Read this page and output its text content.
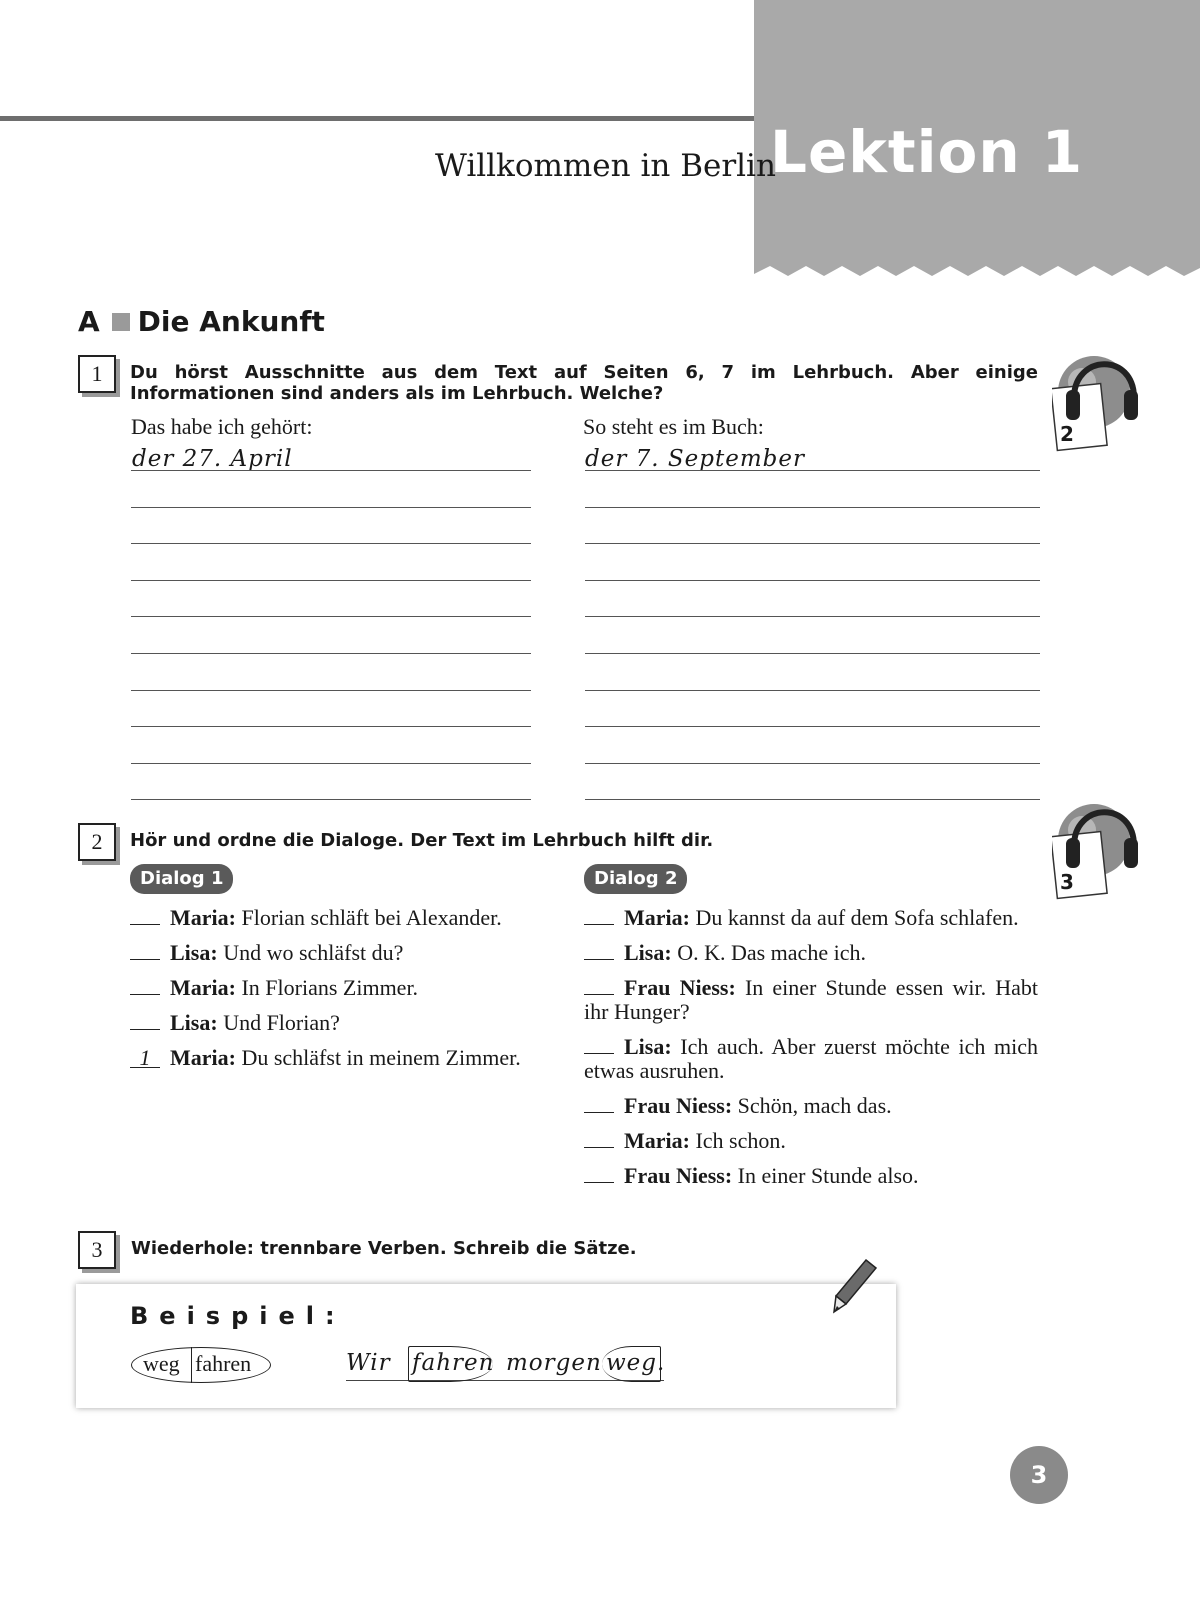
Lektion 1
Willkommen in Berlin
A Die Ankunft
1	Du hörst Ausschnitte aus dem Text auf Seiten 6, 7 im Lehrbuch. Aber einige Informationen sind anders als im Lehrbuch. Welche?
2
Das habe ich gehört:	So steht es im Buch:
der 27. April	der 7. September
2	Hör und ordne die Dialoge. Der Text im Lehrbuch hilft dir.
3
Dialog 1	Dialog 2
Maria: Florian schläft bei Alexander.
Lisa: Und wo schläfst du?
Maria: In Florians Zimmer.
Lisa: Und Florian?
1 Maria: Du schläfst in meinem Zimmer.
Maria: Du kannst da auf dem Sofa schlafen.
Lisa: O. K. Das mache ich.
Frau Niess: In einer Stunde essen wir. Habt ihr Hunger?
Lisa: Ich auch. Aber zuerst möchte ich mich etwas ausruhen.
Frau Niess: Schön, mach das.
Maria: Ich schon.
Frau Niess: In einer Stunde also.
3	Wiederhole: trennbare Verben. Schreib die Sätze.
Beispiel:
weg fahren	Wir fahren morgen weg.
3
